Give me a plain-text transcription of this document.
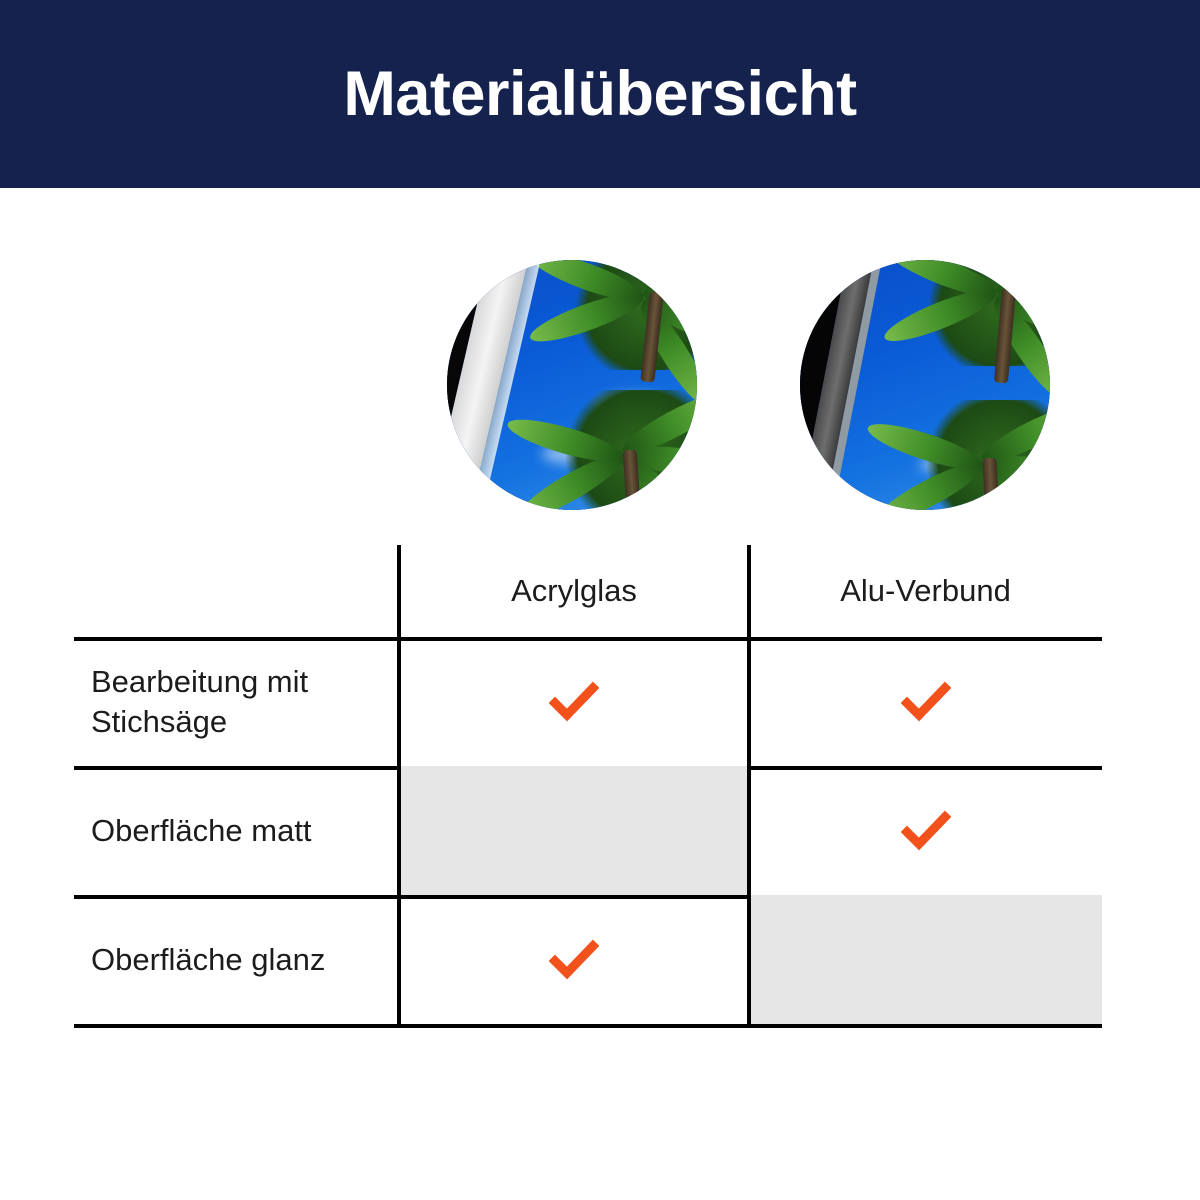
Materialübersicht
Acrylglas	Alu-Verbund
Bearbeitung mit
Stichsäge
Oberfläche matt
Oberfläche glanz
